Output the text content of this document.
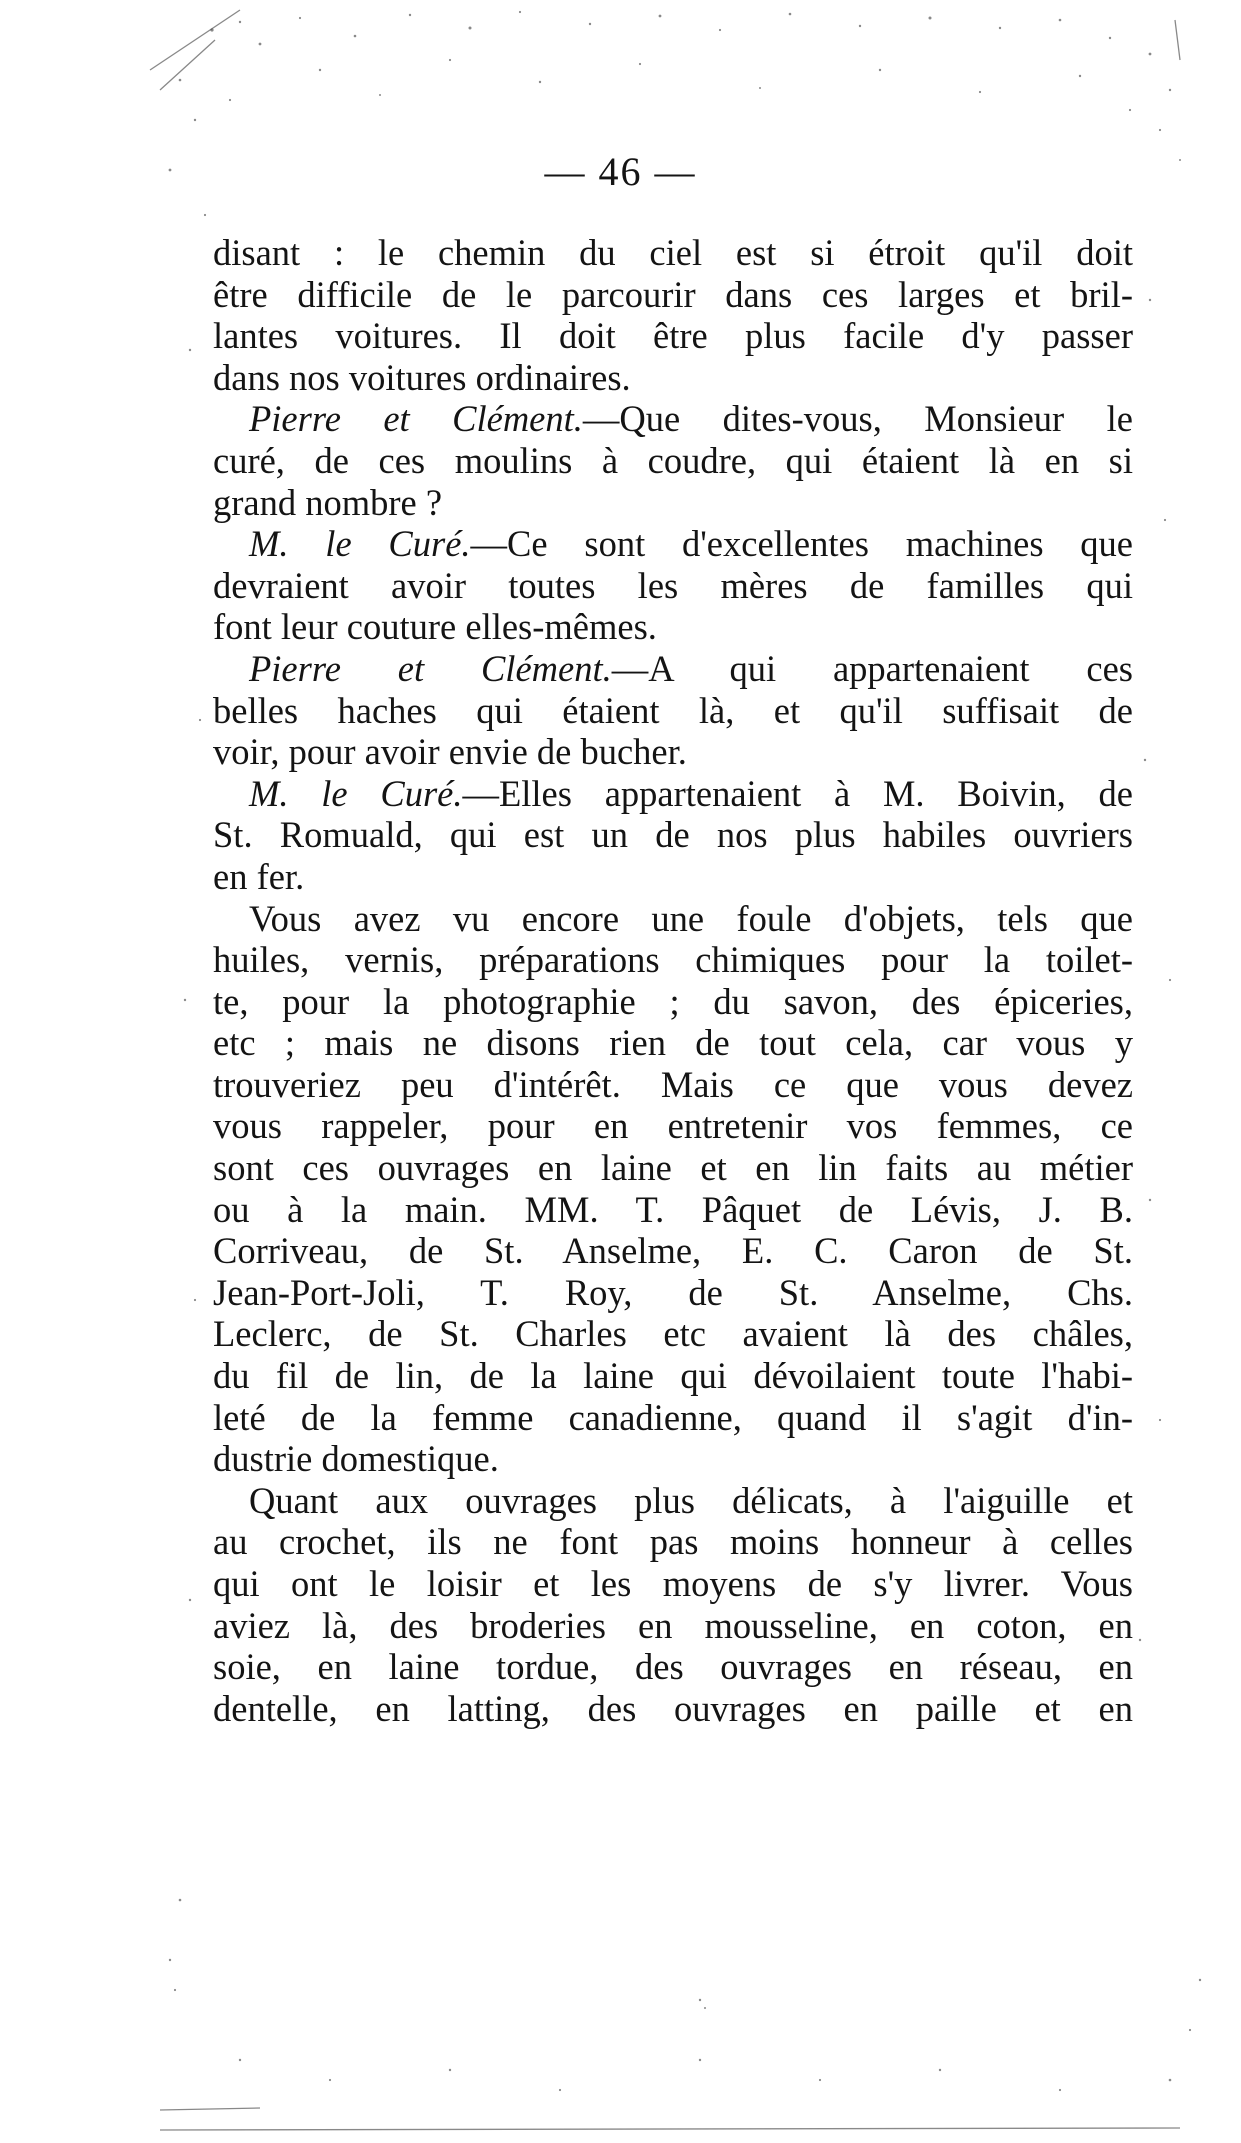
— 46 —
disant : le chemin du ciel est si étroit qu'il doit
être difficile de le parcourir dans ces larges et bril-
lantes voitures. Il doit être plus facile d'y passer
dans nos voitures ordinaires.
Pierre et Clément.—Que dites-vous, Monsieur le
curé, de ces moulins à coudre, qui étaient là en si
grand nombre ?
M. le Curé.—Ce sont d'excellentes machines que
devraient avoir toutes les mères de familles qui
font leur couture elles-mêmes.
Pierre et Clément.—A qui appartenaient ces
belles haches qui étaient là, et qu'il suffisait de
voir, pour avoir envie de bucher.
M. le Curé.—Elles appartenaient à M. Boivin, de
St. Romuald, qui est un de nos plus habiles ouvriers
en fer.
Vous avez vu encore une foule d'objets, tels que
huiles, vernis, préparations chimiques pour la toilet-
te, pour la photographie ; du savon, des épiceries,
etc ; mais ne disons rien de tout cela, car vous y
trouveriez peu d'intérêt. Mais ce que vous devez
vous rappeler, pour en entretenir vos femmes, ce
sont ces ouvrages en laine et en lin faits au métier
ou à la main. MM. T. Pâquet de Lévis, J. B.
Corriveau, de St. Anselme, E. C. Caron de St.
Jean-Port-Joli, T. Roy, de St. Anselme, Chs.
Leclerc, de St. Charles etc avaient là des châles,
du fil de lin, de la laine qui dévoilaient toute l'habi-
leté de la femme canadienne, quand il s'agit d'in-
dustrie domestique.
Quant aux ouvrages plus délicats, à l'aiguille et
au crochet, ils ne font pas moins honneur à celles
qui ont le loisir et les moyens de s'y livrer. Vous
aviez là, des broderies en mousseline, en coton, en
soie, en laine tordue, des ouvrages en réseau, en
dentelle, en latting, des ouvrages en paille et en
